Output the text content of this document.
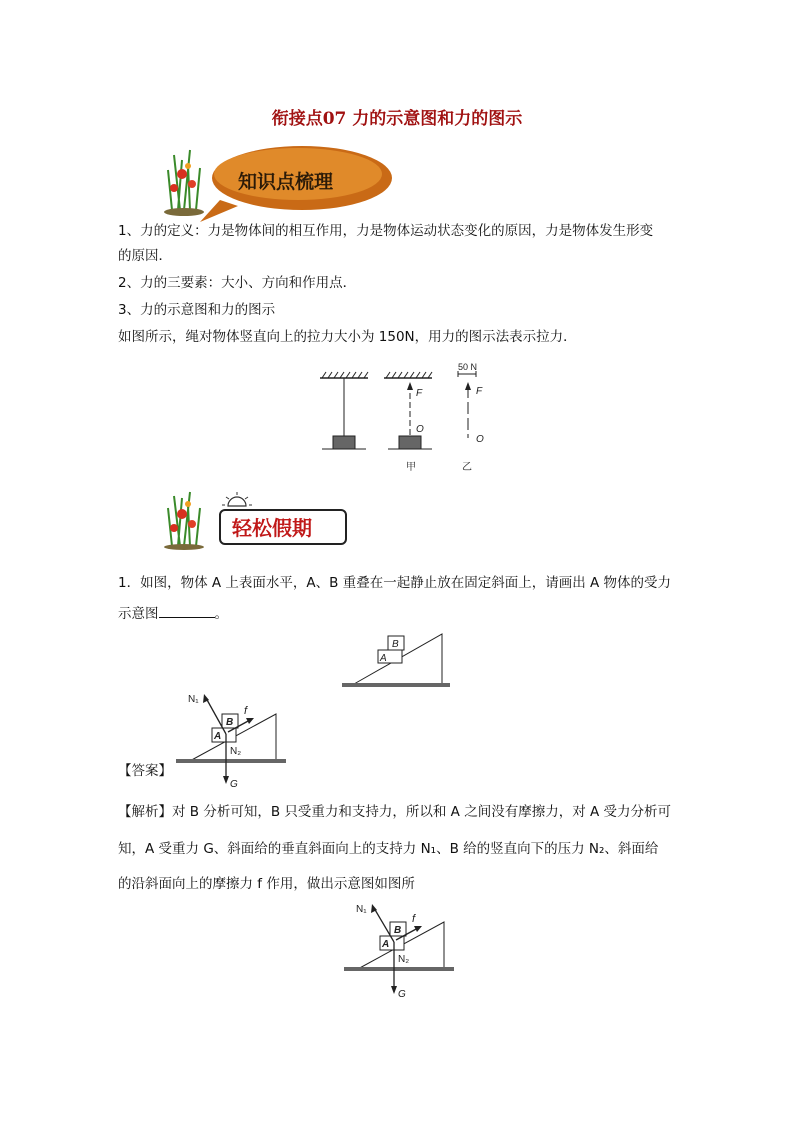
衔接点07 力的示意图和力的图示
知识点梳理
1、力的定义：力是物体间的相互作用，力是物体运动状态变化的原因，力是物体发生形变
的原因．
2、力的三要素：大小、方向和作用点．
3、力的示意图和力的图示
如图所示，绳对物体竖直向上的拉力大小为 150N，用力的图示法表示拉力．
F
O
甲
50 N
F
O
乙
轻松假期
1．如图，物体 A 上表面水平，A、B 重叠在一起静止放在固定斜面上，请画出 A 物体的受力
示意图	。
A
B
【答案】
B
A
N₁
f
N₂
G
【解析】对 B 分析可知，B 只受重力和支持力，所以和 A 之间没有摩擦力，对 A 受力分析可
知，A 受重力 G、斜面给的垂直斜面向上的支持力 N₁、B 给的竖直向下的压力 N₂、斜面给
的沿斜面向上的摩擦力 f 作用，做出示意图如图所
B
A
N₁
f
N₂
G
